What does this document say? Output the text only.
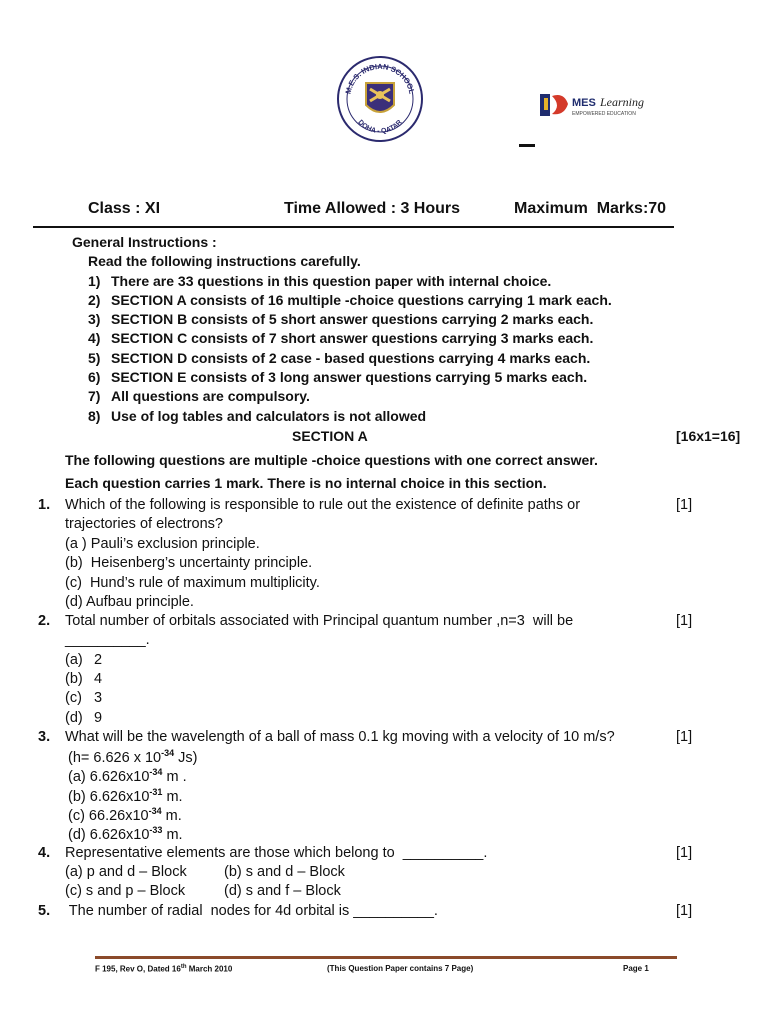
M.E.S. INDIAN SCHOOL
DOHA - QATAR
MES Learning
EMPOWERED EDUCATION
Class : XI	Time Allowed : 3 Hours	Maximum  Marks:70
General Instructions :
Read the following instructions carefully.
1) There are 33 questions in this question paper with internal choice.
2) SECTION A consists of 16 multiple -choice questions carrying 1 mark each.
3) SECTION B consists of 5 short answer questions carrying 2 marks each.
4) SECTION C consists of 7 short answer questions carrying 3 marks each.
5) SECTION D consists of 2 case - based questions carrying 4 marks each.
6) SECTION E consists of 3 long answer questions carrying 5 marks each.
7) All questions are compulsory.
8) Use of log tables and calculators is not allowed
SECTION A	[16x1=16]
The following questions are multiple -choice questions with one correct answer.
Each question carries 1 mark. There is no internal choice in this section.
1. Which of the following is responsible to rule out the existence of definite paths or	[1]
trajectories of electrons?
(a ) Pauli’s exclusion principle.
(b)  Heisenberg’s uncertainty principle.
(c)  Hund’s rule of maximum multiplicity.
(d) Aufbau principle.
2. Total number of orbitals associated with Principal quantum number ,n=3  will be	[1]
__________.
(a) 2
(b) 4
(c) 3
(d) 9
3. What will be the wavelength of a ball of mass 0.1 kg moving with a velocity of 10 m/s?	[1]
(h= 6.626 x $10^{-34}$ Js)
(a) $6.626x10^{-34}$ m .
(b) $6.626x10^{-31}$ m.
(c) $66.26x10^{-34}$ m.
(d) $6.626x10^{-33}$ m.
4. Representative elements are those which belong to  __________.	[1]
(a) p and d – Block	(b) s and d – Block
(c) s and p – Block	(d) s and f – Block
5. The number of radial  nodes for 4d orbital is __________.	[1]
F 195, Rev O, Dated 16th March 2010	(This Question Paper contains 7 Page)	Page 1
